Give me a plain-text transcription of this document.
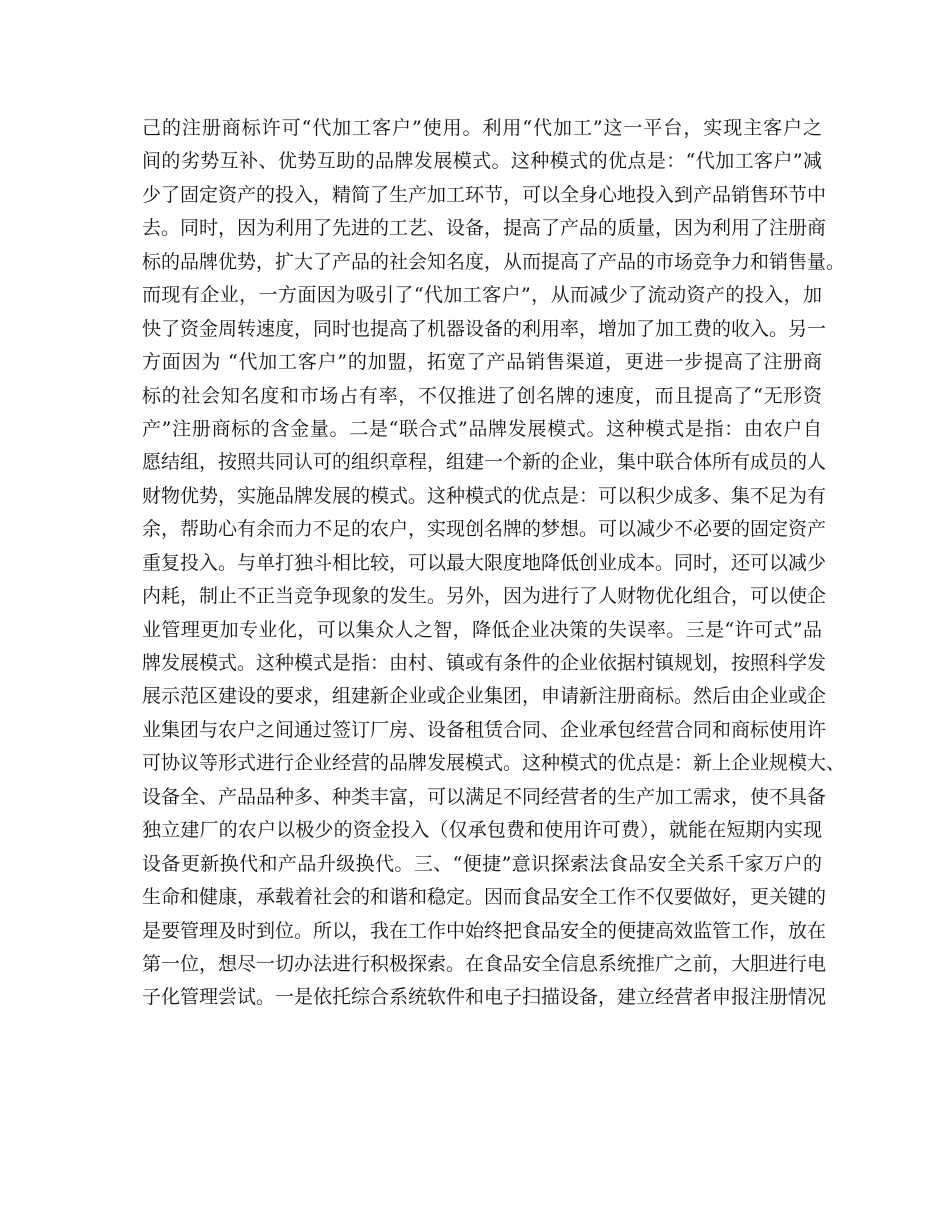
己的注册商标许可“代加工客户”使用。利用“代加工”这一平台，实现主客户之
间的劣势互补、优势互助的品牌发展模式。这种模式的优点是：“代加工客户”减
少了固定资产的投入，精简了生产加工环节，可以全身心地投入到产品销售环节中
去。同时，因为利用了先进的工艺、设备，提高了产品的质量，因为利用了注册商
标的品牌优势，扩大了产品的社会知名度，从而提高了产品的市场竞争力和销售量。
而现有企业，一方面因为吸引了“代加工客户”，从而减少了流动资产的投入，加
快了资金周转速度，同时也提高了机器设备的利用率，增加了加工费的收入。另一
方面因为 “代加工客户”的加盟，拓宽了产品销售渠道，更进一步提高了注册商
标的社会知名度和市场占有率，不仅推进了创名牌的速度，而且提高了“无形资
产”注册商标的含金量。二是“联合式”品牌发展模式。这种模式是指：由农户自
愿结组，按照共同认可的组织章程，组建一个新的企业，集中联合体所有成员的人
财物优势，实施品牌发展的模式。这种模式的优点是：可以积少成多、集不足为有
余，帮助心有余而力不足的农户，实现创名牌的梦想。可以减少不必要的固定资产
重复投入。与单打独斗相比较，可以最大限度地降低创业成本。同时，还可以减少
内耗，制止不正当竞争现象的发生。另外，因为进行了人财物优化组合，可以使企
业管理更加专业化，可以集众人之智，降低企业决策的失误率。三是“许可式”品
牌发展模式。这种模式是指：由村、镇或有条件的企业依据村镇规划，按照科学发
展示范区建设的要求，组建新企业或企业集团，申请新注册商标。然后由企业或企
业集团与农户之间通过签订厂房、设备租赁合同、企业承包经营合同和商标使用许
可协议等形式进行企业经营的品牌发展模式。这种模式的优点是：新上企业规模大、
设备全、产品品种多、种类丰富，可以满足不同经营者的生产加工需求，使不具备
独立建厂的农户以极少的资金投入（仅承包费和使用许可费），就能在短期内实现
设备更新换代和产品升级换代。三、“便捷”意识探索法食品安全关系千家万户的
生命和健康，承载着社会的和谐和稳定。因而食品安全工作不仅要做好，更关键的
是要管理及时到位。所以，我在工作中始终把食品安全的便捷高效监管工作，放在
第一位，想尽一切办法进行积极探索。在食品安全信息系统推广之前，大胆进行电
子化管理尝试。一是依托综合系统软件和电子扫描设备，建立经营者申报注册情况
